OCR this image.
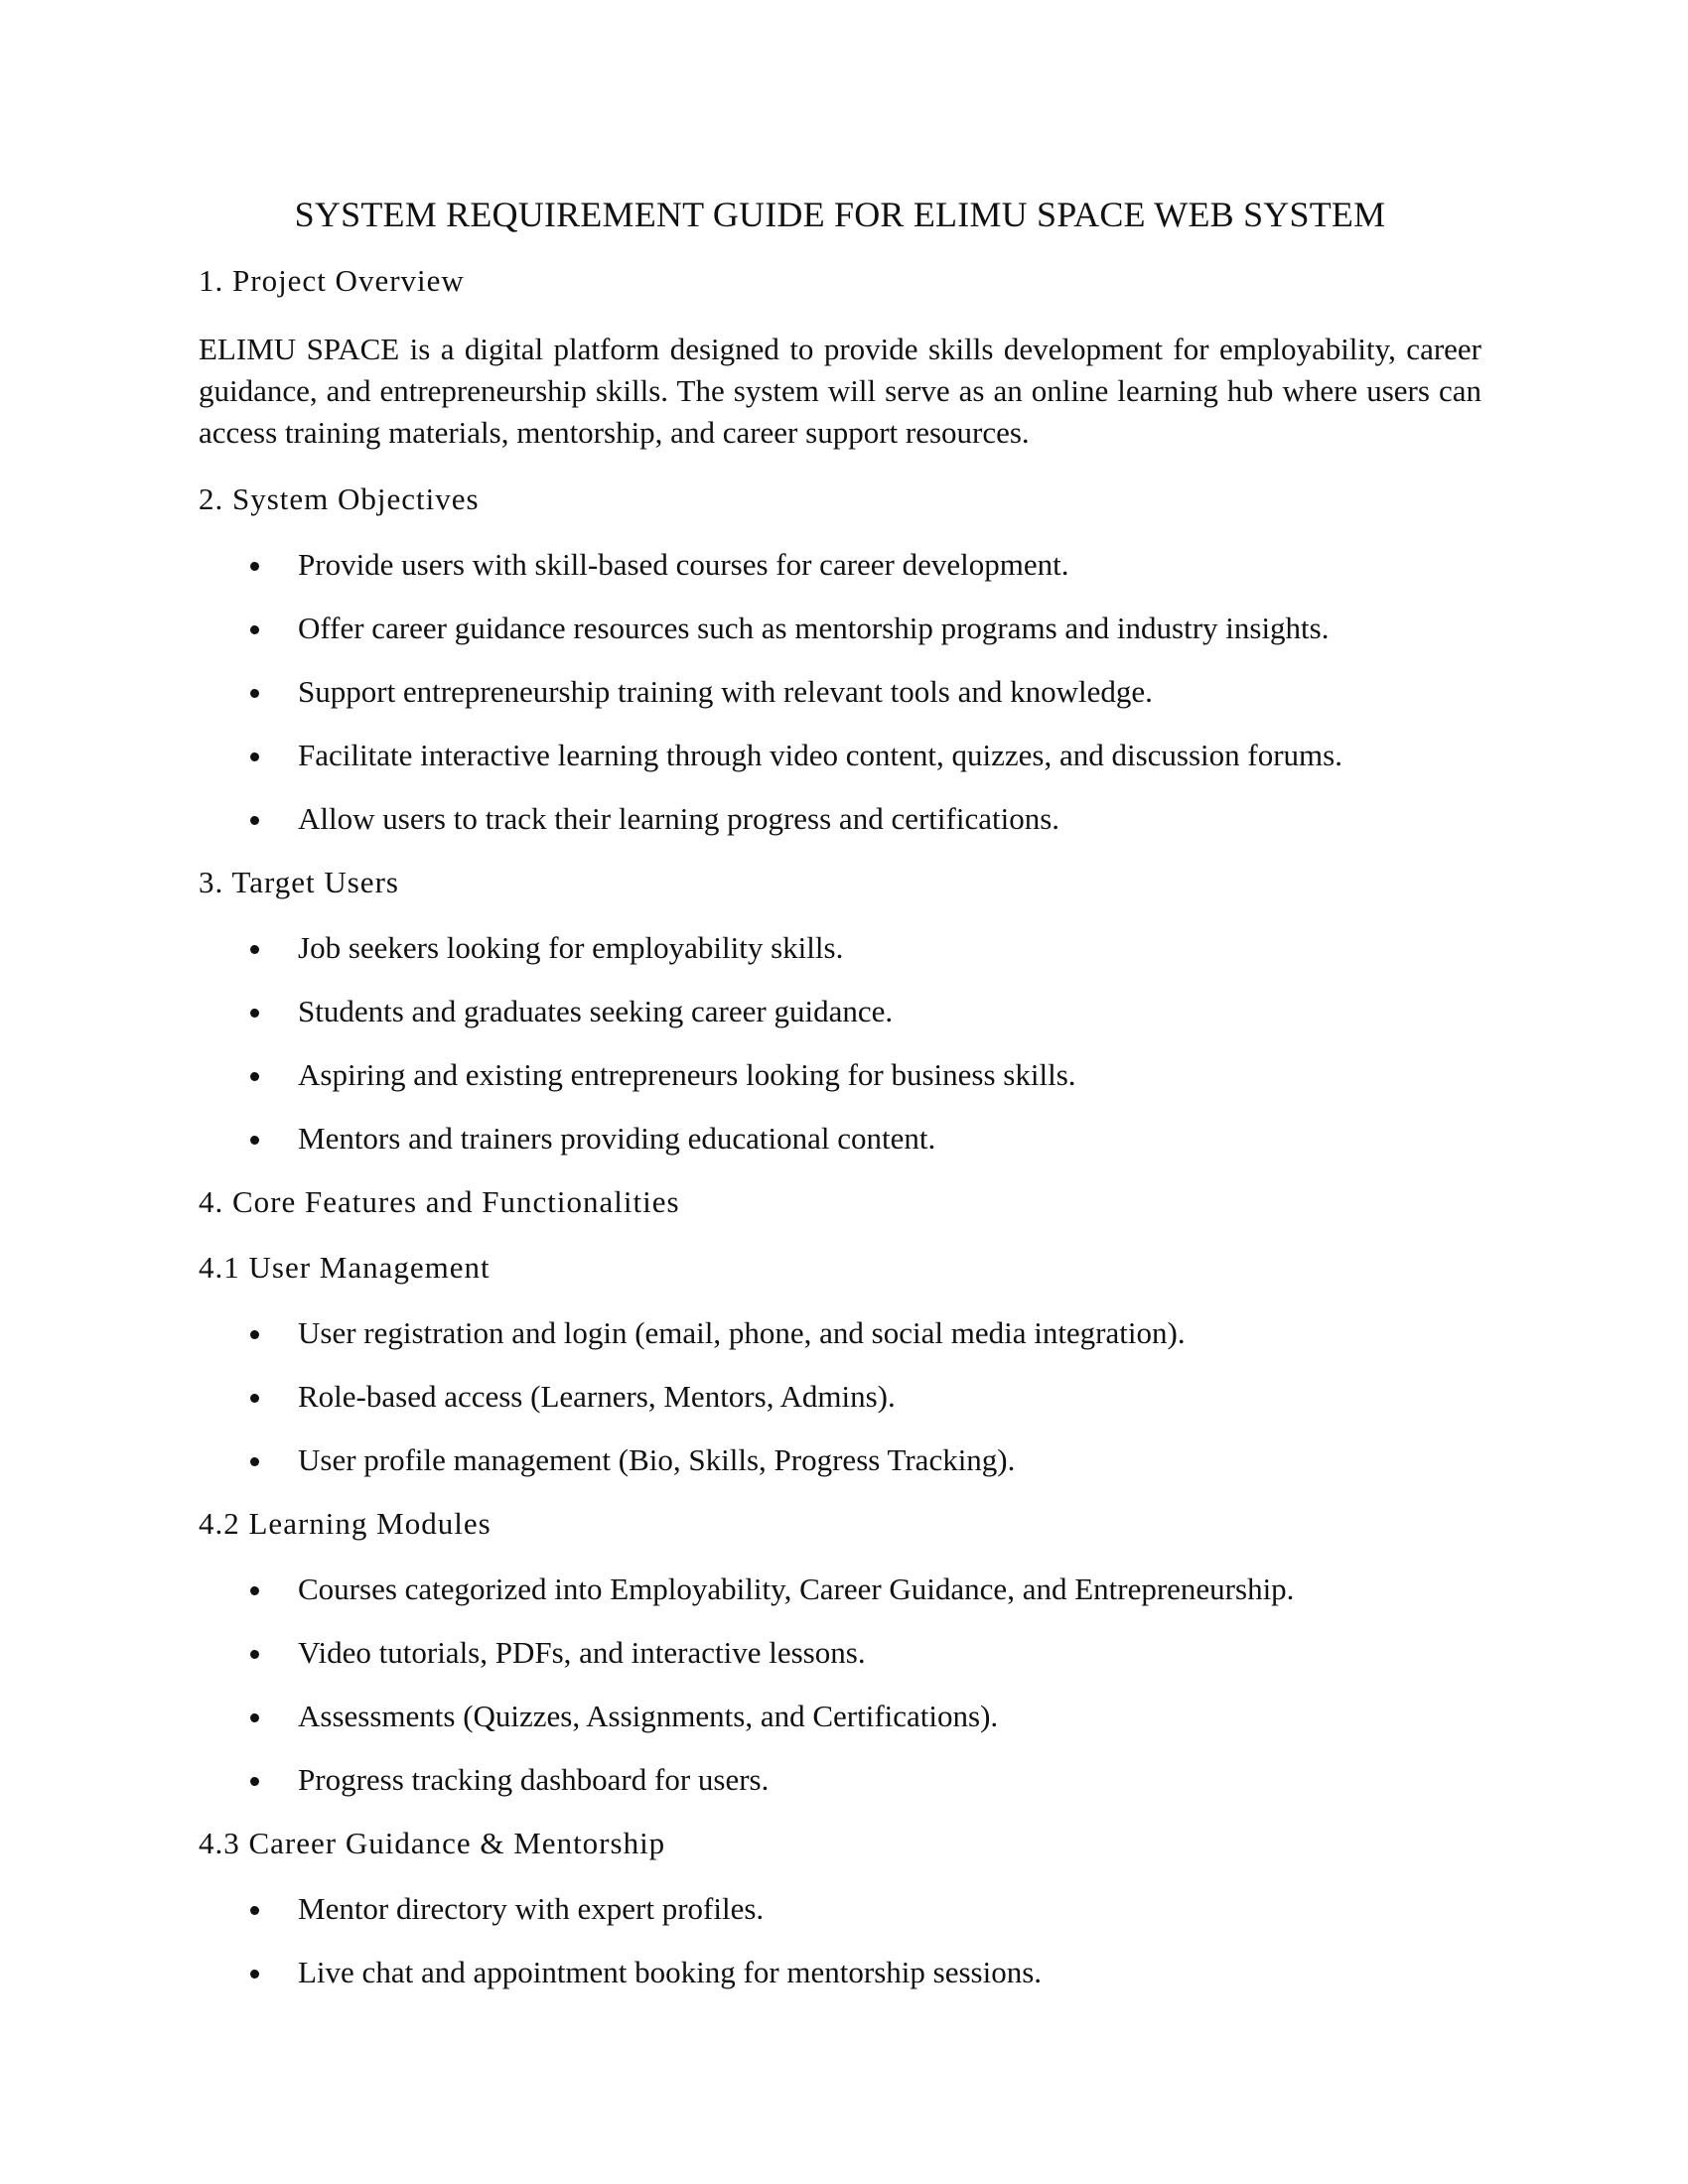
SYSTEM REQUIREMENT GUIDE FOR ELIMU SPACE WEB SYSTEM
1. Project Overview

ELIMU SPACE is a digital platform designed to provide skills development for employability, career guidance, and entrepreneurship skills. The system will serve as an online learning hub where users can access training materials, mentorship, and career support resources.

2. System Objectives
Provide users with skill-based courses for career development.
Offer career guidance resources such as mentorship programs and industry insights.
Support entrepreneurship training with relevant tools and knowledge.
Facilitate interactive learning through video content, quizzes, and discussion forums.
Allow users to track their learning progress and certifications.
3. Target Users
Job seekers looking for employability skills.
Students and graduates seeking career guidance.
Aspiring and existing entrepreneurs looking for business skills.
Mentors and trainers providing educational content.
4. Core Features and Functionalities
4.1 User Management
User registration and login (email, phone, and social media integration).
Role-based access (Learners, Mentors, Admins).
User profile management (Bio, Skills, Progress Tracking).
4.2 Learning Modules
Courses categorized into Employability, Career Guidance, and Entrepreneurship.
Video tutorials, PDFs, and interactive lessons.
Assessments (Quizzes, Assignments, and Certifications).
Progress tracking dashboard for users.
4.3 Career Guidance & Mentorship
Mentor directory with expert profiles.
Live chat and appointment booking for mentorship sessions.
